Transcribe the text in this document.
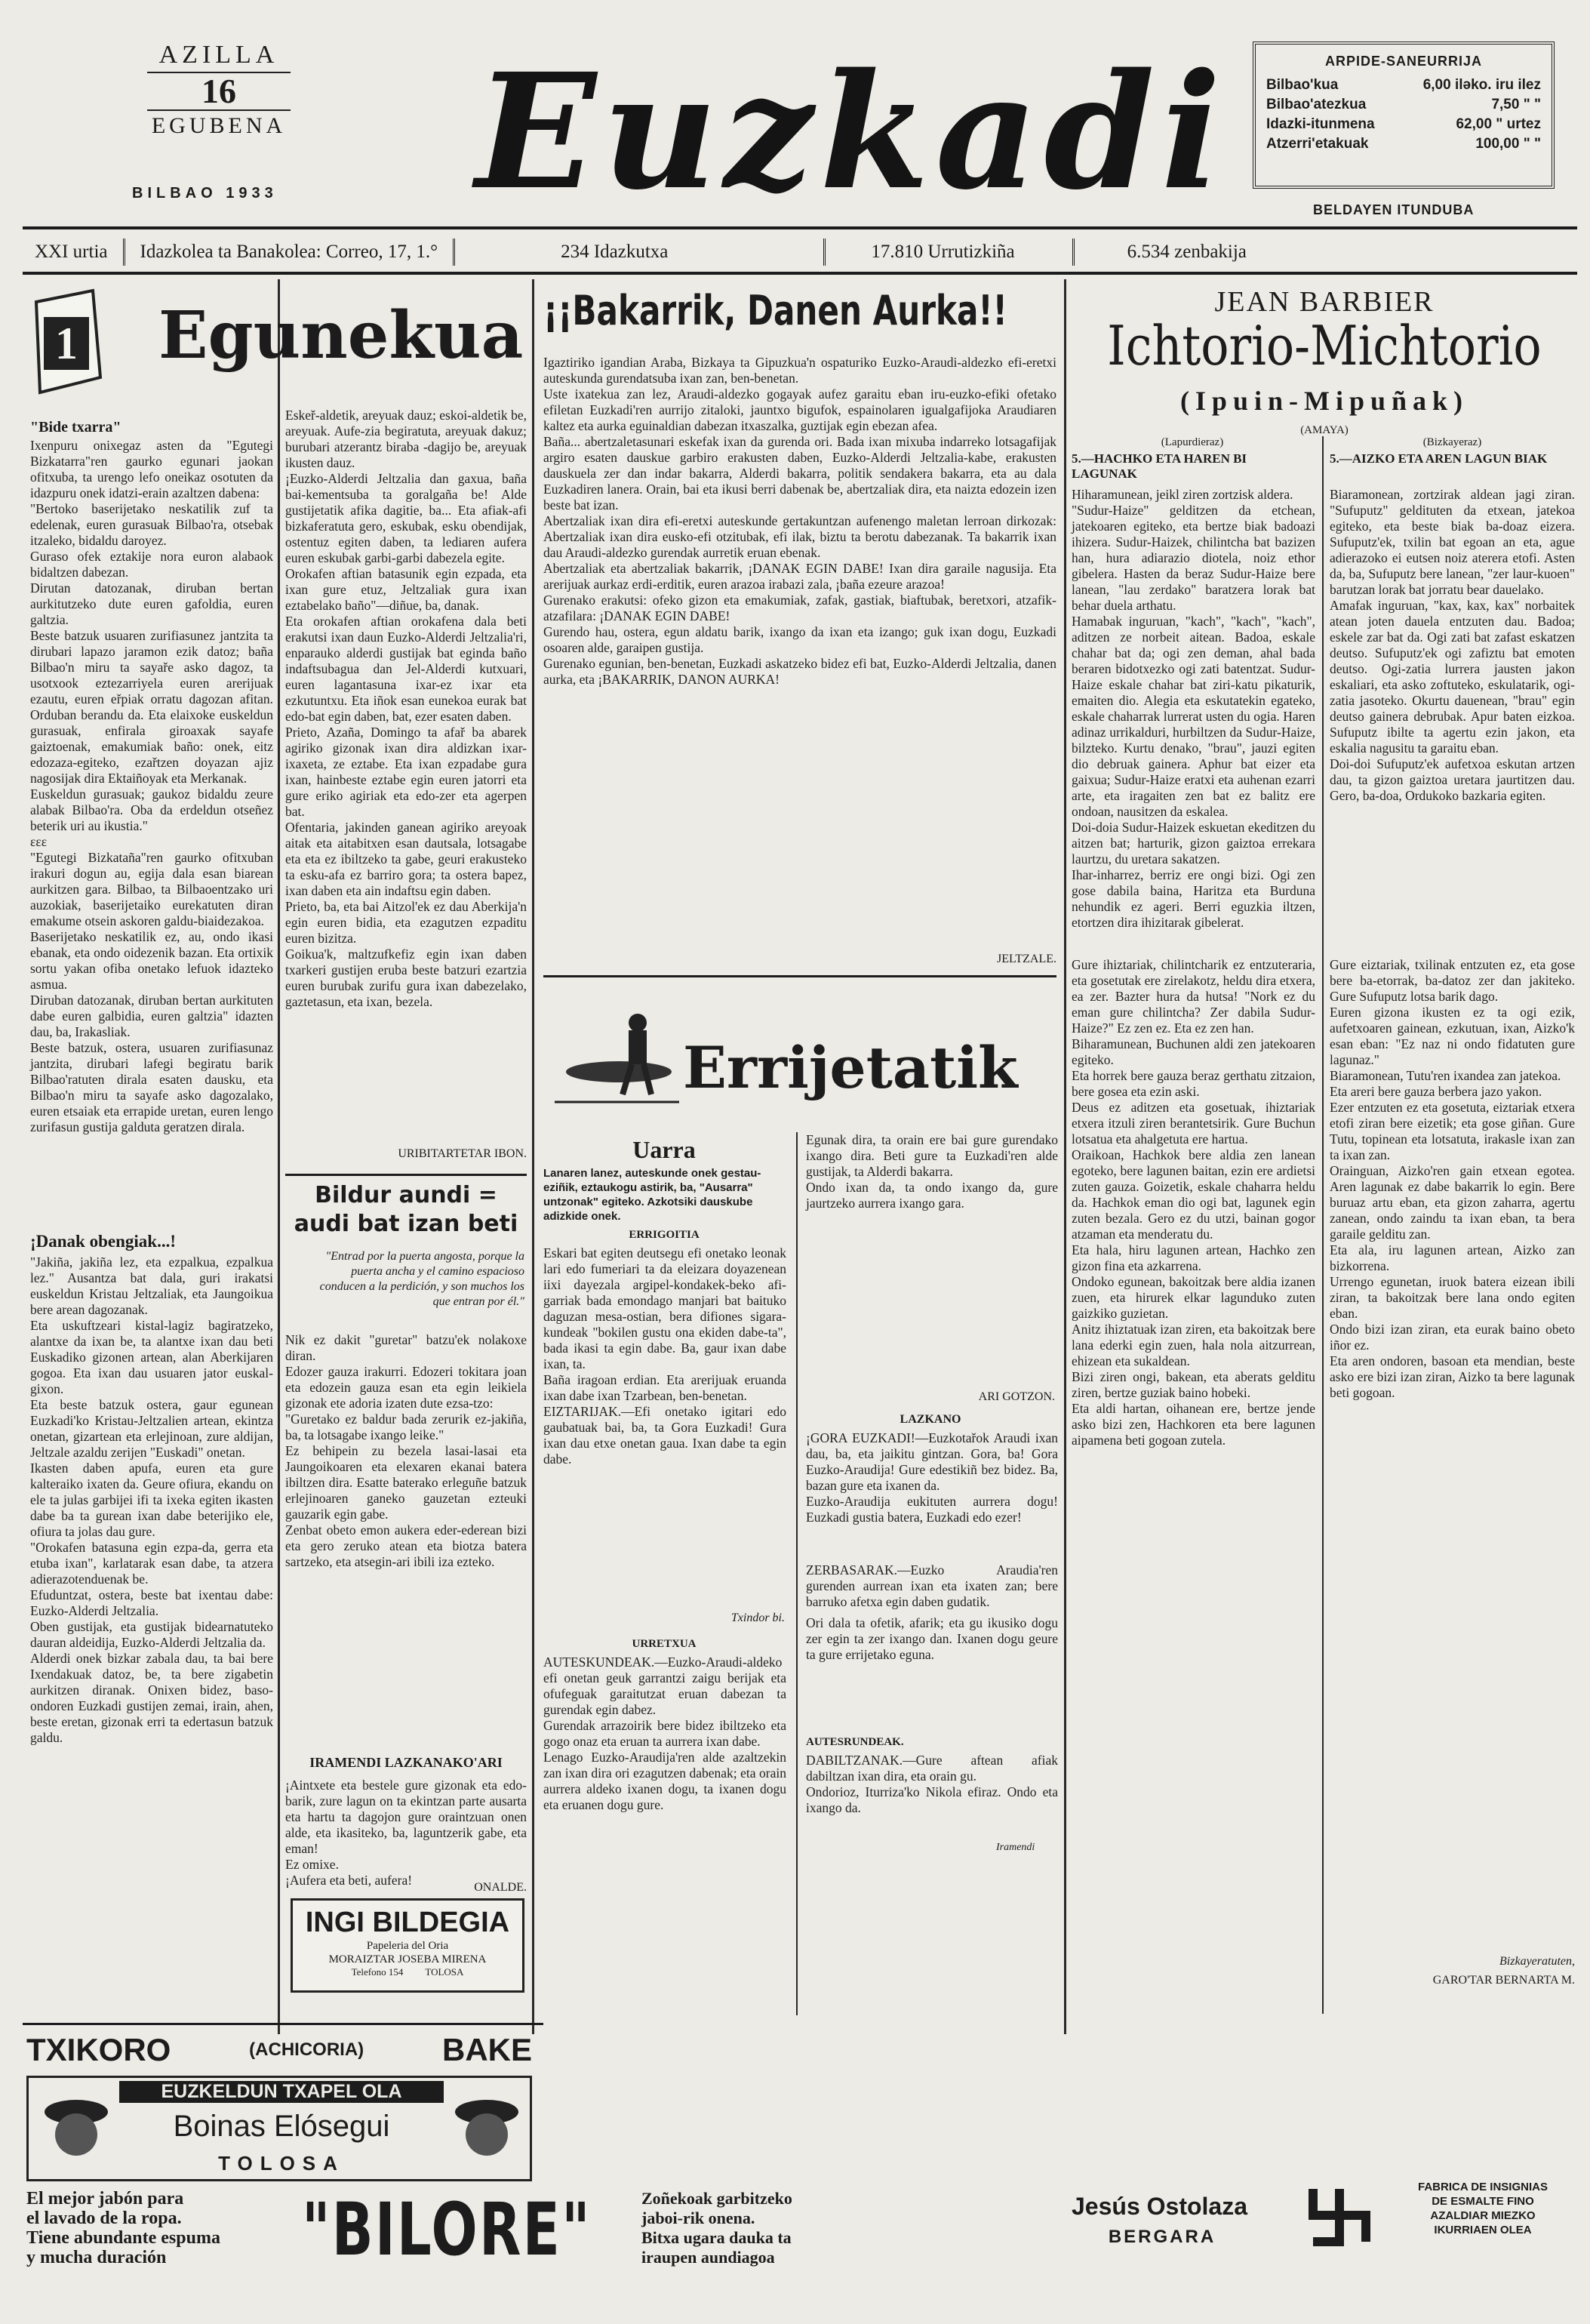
AZILLA
16
EGUBENA
BILBAO 1933 Euzkadi	ARPIDE-SANEURRIJA
Bilbao'kua	6,00 iləko. iru ilez
Bilbao'atezkua	7,50 " "
Idazki-itunmena	62,00 " urtez
Atzerri'etakuak	100,00 " "
BELDAYEN ITUNDUBA
XXI urtia	Idazkolea ta Banakolea: Correo, 17, 1.°	234 Idazkutxa	17.810 Urrutizkiña	6.534 zenbakija
1 Egunekua
"Bide txarra"
Ixenpuru onixegaz asten da "Egutegi Bizkatarra"ren gaurko egunari jaokan ofitxuba, ta urengo lefo oneikaz osotuten da idazpuru onek idatzi-erain azaltzen dabena:
"Bertoko baserijetako neskatilik zuf ta edelenak, euren gurasuak Bilbao'ra, otsebak itzaleko, bidaldu daroyez.
Guraso ofek eztakije nora euron alabaok bidaltzen dabezan.
Dirutan datozanak, diruban bertan aurkitutzeko dute euren gafoldia, euren galtzia.
Beste batzuk usuaren zurifiasunez jantzita ta dirubari lapazo jaramon ezik datoz; baña Bilbao'n miru ta sayaře asko dagoz, ta usotxook eztezarriyela euren arerijuak ezautu, euren eřpiak orratu dagozan afitan. Orduban berandu da. Eta elaixoke euskeldun gurasuak, enfirala giroaxak sayafe gaiztoenak, emakumiak baño: onek, eitz edozaza-egiteko, ezařtzen doyazan ajiz nagosijak dira Ektaiñoyak eta Merkanak.
Euskeldun gurasuak; gaukoz bidaldu zeure alabak Bilbao'ra. Oba da erdeldun otseñez beterik uri au ikustia."
ɛɛɛ
"Egutegi Bizkataña"ren gaurko ofitxuban irakuri dogun au, egija dala esan biarean aurkitzen gara. Bilbao, ta Bilbaoentzako uri auzokiak, baserijetaiko eurekatuten diran emakume otsein askoren galdu-biaidezakoa.
Baserijetako neskatilik ez, au, ondo ikasi ebanak, eta ondo oidezenik bazan. Eta ortixik sortu yakan ofiba onetako lefuok idazteko asmua.
Diruban datozanak, diruban bertan aurkituten dabe euren galbidia, euren galtzia" idazten dau, ba, Irakasliak.
Beste batzuk, ostera, usuaren zurifiasunaz jantzita, dirubari lafegi begiratu barik Bilbao'ratuten dirala esaten dausku, eta Bilbao'n miru ta sayafe asko dagozalako, euren etsaiak eta errapide uretan, euren lengo zurifasun gustija galduta geratzen dirala.
¡Danak obengiak...!
"Jakiña, jakiña lez, eta ezpalkua, ezpalkua lez." Ausantza bat dala, guri irakatsi euskeldun Kristau Jeltzaliak, eta Jaungoikua bere arean dagozanak.
Eta uskuftzeari kistal-lagiz bagiratzeko, alantxe da ixan be, ta alantxe ixan dau beti Euskadiko gizonen artean, alan Aberkijaren gogoa. Eta ixan dau usuaren jator euskal-gixon.
Eta beste batzuk ostera, gaur egunean Euzkadi'ko Kristau-Jeltzalien artean, ekintza onetan, gizartean eta erlejinoan, zure aldijan, Jeltzale azaldu zerijen "Euskadi" onetan.
Ikasten daben apufa, euren eta gure kalteraiko ixaten da. Geure ofiura, ekandu on ele ta julas garbijei ifi ta ixeka egiten ikasten dabe ba ta gurean ixan dabe beterijiko ele, ofiura ta jolas dau gure.
"Orokafen batasuna egin ezpa-da, gerra eta etuba ixan", karlatarak esan dabe, ta atzera adierazotenduenak be.
Efuduntzat, ostera, beste bat ixentau dabe: Euzko-Alderdi Jeltzalia.
Oben gustijak, eta gustijak bidearnatuteko dauran aldeidija, Euzko-Alderdi Jeltzalia da.
Alderdi onek bizkar zabala dau, ta bai bere Ixendakuak datoz, be, ta bere zigabetin aurkitzen diranak. Onixen bidez, baso-ondoren Euzkadi gustijen zemai, irain, ahen, beste eretan, gizonak erri ta edertasun batzuk galdu.
Eskeř-aldetik, areyuak dauz; eskoi-aldetik be, areyuak. Aufe-zia begiratuta, areyuak dakuz; burubari atzerantz biraba -dagijo be, areyuak ikusten dauz.
¡Euzko-Alderdi Jeltzalia dan gaxua, baña bai-kementsuba ta goralgaña be! Alde gustijetatik afika dagitie, ba... Eta afiak-afi bizkaferatuta gero, eskubak, esku obendijak, ostentuz egiten daben, ta lediaren aufera euren eskubak garbi-garbi dabezela egite.
Orokafen aftian batasunik egin ezpada, eta ixan gure etuz, Jeltzaliak gura ixan eztabelako baño"—diñue, ba, danak.
Eta orokafen aftian orokafena dala beti erakutsi ixan daun Euzko-Alderdi Jeltzalia'ri, enparauko alderdi gustijak bat eginda baño indaftsubagua dan Jel-Alderdi kutxuari, euren lagantasuna ixar-ez ixar eta ezkutuntxu. Eta iñok esan eunekoa eurak bat edo-bat egin daben, bat, ezer esaten daben.
Prieto, Azaña, Domingo ta afař ba abarek agiriko gizonak ixan dira aldizkan ixar-ixaxeta, ze eztabe. Eta ixan ezpadabe gura ixan, hainbeste eztabe egin euren jatorri eta gure eriko agiriak eta edo-zer eta agerpen bat.
Ofentaria, jakinden ganean agiriko areyoak aitak eta aitabitxen esan dautsala, lotsagabe eta eta ez ibiltzeko ta gabe, geuri erakusteko ta esku-afa ez barriro gora; ta ostera bapez, ixan daben eta ain indaftsu egin daben.
Prieto, ba, eta bai Aitzol'ek ez dau Aberkija'n egin euren bidia, eta ezagutzen ezpaditu euren bizitza.
Goikua'k, maltzufkefiz egin ixan daben txarkeri gustijen eruba beste batzuri ezartzia euren burubak zurifu gura ixan dabezelako, gaztetasun, eta ixan, bezela.
URIBITARTETAR IBON.
Bildur aundi = audi bat izan beti
"Entrad por la puerta angosta, porque la puerta ancha y el camino espacioso conducen a la perdición, y son muchos los que entran por él."
Nik ez dakit "guretar" batzu'ek nolakoxe diran.
Edozer gauza irakurri. Edozeri tokitara joan eta edozein gauza esan eta egin leikiela gizonak ete adoria izaten dute ezsa-tzo:
"Guretako ez baldur bada zerurik ez-jakiña, ba, ta lotsagabe ixango leike."
Ez behipein zu bezela lasai-lasai eta Jaungoikoaren eta elexaren ekanai batera ibiltzen dira. Esatte baterako erleguñe batzuk erlejinoaren ganeko gauzetan ezteuki gauzarik egin gabe.
Zenbat obeto emon aukera eder-ederean bizi eta gero zeruko atean eta biotza batera sartzeko, eta atsegin-ari ibili iza ezteko.
IRAMENDI LAZKANAKO'ARI
¡Aintxete eta bestele gure gizonak eta edo-barik, zure lagun on ta ekintzan parte ausarta eta hartu ta dagojon gure oraintzuan onen alde, eta ikasiteko, ba, laguntzerik gabe, eta eman!
Ez omixe.
¡Aufera eta beti, aufera!	ONALDE.
INGI BILDEGIA
Papeleria del Oria
MORAIZTAR JOSEBA MIRENA
Telefono 154         TOLOSA
¡¡Bakarrik, Danen Aurka!!
Igaztiriko igandian Araba, Bizkaya ta Gipuzkua'n ospaturiko Euzko-Araudi-aldezko efi-eretxi auteskunda gurendatsuba ixan zan, ben-benetan.
Uste ixatekua zan lez, Araudi-aldezko gogayak aufez garaitu eban iru-euzko-efiki ofetako efiletan Euzkadi'ren aurrijo zitaloki, jauntxo bigufok, espainolaren igualgafijoka Araudiaren kaltez eta aurka eguinaldian dabezan itxaszalka, guztijak egin ebezan afea.
Baña... abertzaletasunari eskefak ixan da gurenda ori. Bada ixan mixuba indarreko lotsagafijak argiro esaten dauskue garbiro erakusten daben, Euzko-Alderdi Jeltzalia-kabe, erakusten dauskuela zer dan indar bakarra, Alderdi bakarra, politik sendakera bakarra, eta au dala Euzkadiren lanera. Orain, bai eta ikusi berri dabenak be, abertzaliak dira, eta naizta edozein izen beste bat izan.
Abertzaliak ixan dira efi-eretxi auteskunde gertakuntzan aufenengo maletan lerroan dirkozak: Abertzaliak ixan dira eusko-efi otzitubak, efi ilak, biztu ta berotu dabezanak. Ta bakarrik ixan dau Araudi-aldezko gurendak aurretik eruan ebenak.
Abertzaliak eta abertzaliak bakarrik, ¡DANAK EGIN DABE! Ixan dira garaile nagusija. Eta arerijuak aurkaz erdi-erditik, euren arazoa irabazi zala, ¡baña ezeure arazoa!
Gurenako erakutsi: ofeko gizon eta emakumiak, zafak, gastiak, biaftubak, beretxori, atzafik-atzafilara: ¡DANAK EGIN DABE!
Gurendo hau, ostera, egun aldatu barik, ixango da ixan eta izango; guk ixan dogu, Euzkadi osoaren alde, garaipen gustija.
Gurenako egunian, ben-benetan, Euzkadi askatzeko bidez efi bat, Euzko-Alderdi Jeltzalia, danen aurka, eta ¡BAKARRIK, DANON AURKA!
JELTZALE.
Errijetatik
Uarra
Lanaren lanez, auteskunde onek gestau-eziñik, eztaukogu astirik, ba, "Ausarra" untzonak" egiteko. Azkotsiki dauskube adizkide onek.
ERRIGOITIA
Eskari bat egiten deutsegu efi onetako leonak lari edo fumeriari ta da eleizara doyazenean iixi dayezala argipel-kondakek-beko afi-garriak bada emondago manjari bat baituko daguzan mesa-ostian, bera difiones sigara-kundeak "bokilen gustu ona ekiden dabe-ta", bada ikasi ta egin dabe. Ba, gaur ixan dabe ixan, ta.
Baña iragoan erdian. Eta arerijuak eruanda ixan dabe ixan Tzarbean, ben-benetan.
EIZTARIJAK.—Efi onetako igitari edo gaubatuak bai, ba, ta Gora Euzkadi! Gura ixan dau etxe onetan gaua. Ixan dabe ta egin dabe.
Txindor bi.
URRETXUA
AUTESKUNDEAK.—Euzko-Araudi-aldeko efi onetan geuk garrantzi zaigu berijak eta ofufeguak garaitutzat eruan dabezan ta gurendak egin dabez.
Gurendak arrazoirik bere bidez ibiltzeko eta gogo onaz eta eruan ta aurrera ixan dabe.
Lenago Euzko-Araudija'ren alde azaltzekin zan ixan dira ori ezagutzen dabenak; eta orain aurrera aldeko ixanen dogu, ta ixanen dogu eta eruanen dogu gure.
Egunak dira, ta orain ere bai gure gurendako ixango dira. Beti gure ta Euzkadi'ren alde gustijak, ta Alderdi bakarra.
Ondo ixan da, ta ondo ixango da, gure jaurtzeko aurrera ixango gara.
ARI GOTZON.
LAZKANO
¡GORA EUZKADI!—Euzkotařok Araudi ixan dau, ba, eta jaikitu gintzan. Gora, ba! Gora Euzko-Araudija! Gure edestikiñ bez bidez. Ba, bazan gure eta ixanen da.
Euzko-Araudija eukituten aurrera dogu! Euzkadi gustia batera, Euzkadi edo ezer!
ZERBASARAK.—Euzko Araudia'ren gurenden aurrean ixan eta ixaten zan; bere barruko afetxa egin daben gudatik.
Ori dala ta ofetik, afarik; eta gu ikusiko dogu zer egin ta zer ixango dan. Ixanen dogu geure ta gure errijetako eguna.
AUTESRUNDEAK.
DABILTZANAK.—Gure aftean afiak dabiltzan ixan dira, eta orain gu.
Ondorioz, Iturriza'ko Nikola efiraz. Ondo eta ixango da.
Iramendi
JEAN BARBIER
Ichtorio-Michtorio
(Ipuin-Mipuñak)
(AMAYA)
(Lapurdieraz)
5.—HACHKO ETA HAREN BI LAGUNAK
Hiharamunean, jeikl ziren zortzisk aldera.
"Sudur-Haize" gelditzen da etchean, jatekoaren egiteko, eta bertze biak badoazi ihizera. Sudur-Haizek, chilintcha bat bazizen han, hura adiarazio diotela, noiz ethor gibelera. Hasten da beraz Sudur-Haize bere lanean, "lau zerdako" baratzera lorak bat behar duela arthatu.
Hamabak inguruan, "kach", "kach", "kach", aditzen ze norbeit aitean. Badoa, eskale chahar bat da; ogi zen deman, ahal bada beraren bidotxezko ogi zati batentzat. Sudur-Haize eskale chahar bat ziri-katu pikaturik, emaiten dio. Alegia eta eskutatekin egateko, eskale chaharrak lurrerat usten du ogia. Haren adinaz urrikalduri, hurbiltzen da Sudur-Haize, bilzteko. Kurtu denako, "brau", jauzi egiten dio debruak gainera. Aphur bat eizer eta gaixua; Sudur-Haize eratxi eta auhenan ezarri arte, eta iragaiten zen bat ez balitz ere ondoan, nausitzen da eskalea.
Doi-doia Sudur-Haizek eskuetan ekeditzen du aitzen bat; harturik, gizon gaiztoa errekara laurtzu, du uretara sakatzen.
Ihar-inharrez, berriz ere ongi bizi. Ogi zen gose dabila baina, Haritza eta Burduna nehundik ez ageri. Berri eguzkia iltzen, etortzen dira ihizitarak gibelerat.
Gure ihiztariak, chilintcharik ez entzuteraria, eta gosetutak ere zirelakotz, heldu dira etxera, ea zer. Bazter hura da hutsa! "Nork ez du eman gure chilintcha? Zer dabila Sudur-Haize?" Ez zen ez. Eta ez zen han.
Biharamunean, Buchunen aldi zen jatekoaren egiteko.
Eta horrek bere gauza beraz gerthatu zitzaion, bere gosea eta ezin aski.
Deus ez aditzen eta gosetuak, ihiztariak etxera itzuli ziren berantetsirik. Gure Buchun lotsatua eta ahalgetuta ere hartua.
Oraikoan, Hachkok bere aldia zen lanean egoteko, bere lagunen baitan, ezin ere ardietsi zuten gauza. Goizetik, eskale chaharra heldu da. Hachkok eman dio ogi bat, lagunek egin zuten bezala. Gero ez du utzi, bainan gogor atzaman eta menderatu du.
Eta hala, hiru lagunen artean, Hachko zen gizon fina eta azkarrena.
Ondoko egunean, bakoitzak bere aldia izanen zuen, eta hirurek elkar lagunduko zuten gaizkiko guzietan.
Anitz ihiztatuak izan ziren, eta bakoitzak bere lana ederki egin zuen, hala nola aitzurrean, ehizean eta sukaldean.
Bizi ziren ongi, bakean, eta aberats gelditu ziren, bertze guziak baino hobeki.
Eta aldi hartan, oihanean ere, bertze jende asko bizi zen, Hachkoren eta bere lagunen aipamena beti gogoan zutela.
(Bizkayeraz)
5.—AIZKO ETA AREN LAGUN BIAK
Biaramonean, zortzirak aldean jagi ziran. "Sufuputz" geldituten da etxean, jatekoa egiteko, eta beste biak ba-doaz eizera. Sufuputz'ek, txilin bat egoan an eta, ague adierazoko ei eutsen noiz aterera etofi. Asten da, ba, Sufuputz bere lanean, "zer laur-kuoen" barutzan lorak bat jorratu bear dauelako.
Amafak inguruan, "kax, kax, kax" norbaitek atean joten dauela entzuten dau. Badoa; eskele zar bat da. Ogi zati bat zafast eskatzen deutso. Sufuputz'ek ogi zafiztu bat emoten deutso. Ogi-zatia lurrera jausten jakon eskaliari, eta asko zoftuteko, eskulatarik, ogi-zatia jasoteko. Okurtu dauenean, "brau" egin deutso gainera debrubak. Apur baten eizkoa. Sufuputz ibilte ta agertu ezin jakon, eta eskalia nagusitu ta garaitu eban.
Doi-doi Sufuputz'ek aufetxoa eskutan artzen dau, ta gizon gaiztoa uretara jaurtitzen dau. Gero, ba-doa, Ordukoko bazkaria egiten.
Gure eiztariak, txilinak entzuten ez, eta gose bere ba-etorrak, ba-datoz zer dan jakiteko. Gure Sufuputz lotsa barik dago.
Euren gizona ikusten ez ta ogi ezik, aufetxoaren gainean, ezkutuan, ixan, Aizko'k esan eban: "Ez naz ni ondo fidatuten gure lagunaz."
Biaramonean, Tutu'ren ixandea zan jatekoa.
Eta areri bere gauza berbera jazo yakon.
Ezer entzuten ez eta gosetuta, eiztariak etxera etofi ziran bere eizetik; eta gose giñan. Gure Tutu, topinean eta lotsatuta, irakasle ixan zan ta ixan zan.
Orainguan, Aizko'ren gain etxean egotea. Aren lagunak ez dabe bakarrik lo egin. Bere buruaz artu eban, eta gizon zaharra, agertu zanean, ondo zaindu ta ixan eban, ta bera garaile gelditu zan.
Eta ala, iru lagunen artean, Aizko zan bizkorrena.
Urrengo egunetan, iruok batera eizean ibili ziran, ta bakoitzak bere lana ondo egiten eban.
Ondo bizi izan ziran, eta eurak baino obeto iñor ez.
Eta aren ondoren, basoan eta mendian, beste asko ere bizi izan ziran, Aizko ta bere lagunak beti gogoan.
Bizkayeratuten,
GARO'TAR BERNARTA M.
TXIKORO	(ACHICORIA) BAKE
EUZKELDUN TXAPEL OLA
Boinas Elósegui
TOLOSA
El mejor jabón para
el lavado de la ropa.
Tiene abundante espuma
y mucha duración	"BILORE"	Zoñekoak garbitzeko
jaboi-rik onena.
Bitxa ugara dauka ta
iraupen aundiagoa
Jesús Ostolaza
BERGARA
FABRICA DE INSIGNIAS
DE ESMALTE FINO
AZALDIAR MIEZKO
IKURRIAEN OLEA
